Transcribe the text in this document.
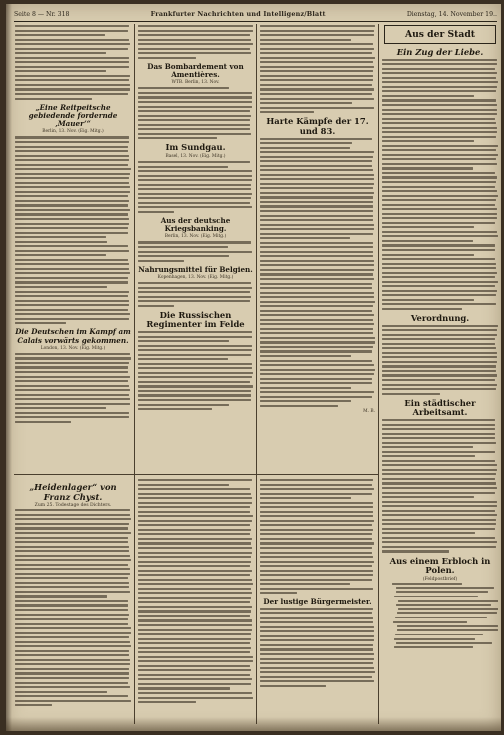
Seite 8 — Nr. 318	Frankfurter Nachrichten und Intelligenz/Blatt	Dienstag, 14. November 19..
„Eine Reitpeitsche gebiedende fordernde ‚Mauer‘“
Berlin, 13. Nov. (Eig. Mitg.)
Die Deutschen im Kampf am Calais vorwärts gekommen.
London, 13. Nov. (Eig. Mitg.)
„Heidenlager“ von Franz Chyst.
Zum 25. Todestage des Dichters.
Das Bombardement von Amentières.
WTB. Berlin, 13. Nov.
Im Sundgau.
Basel, 13. Nov. (Eig. Mitg.)
Aus der deutsche Kriegsbanking.
Berlin, 13. Nov. (Eig. Mitg.)
Nahrungsmittel für Belgien.
Kopenhagen, 13. Nov. (Eig. Mitg.)
Die Russischen Regimenter im Felde
Harte Kämpfe der 17. und 83.
M. B.
Der lustige Bürgermeister.
Aus der Stadt
Ein Zug der Liebe.
Verordnung.
Ein städtischer Arbeitsamt.
Aus einem Erbloch in Polen.
(Feldpostbrief)
